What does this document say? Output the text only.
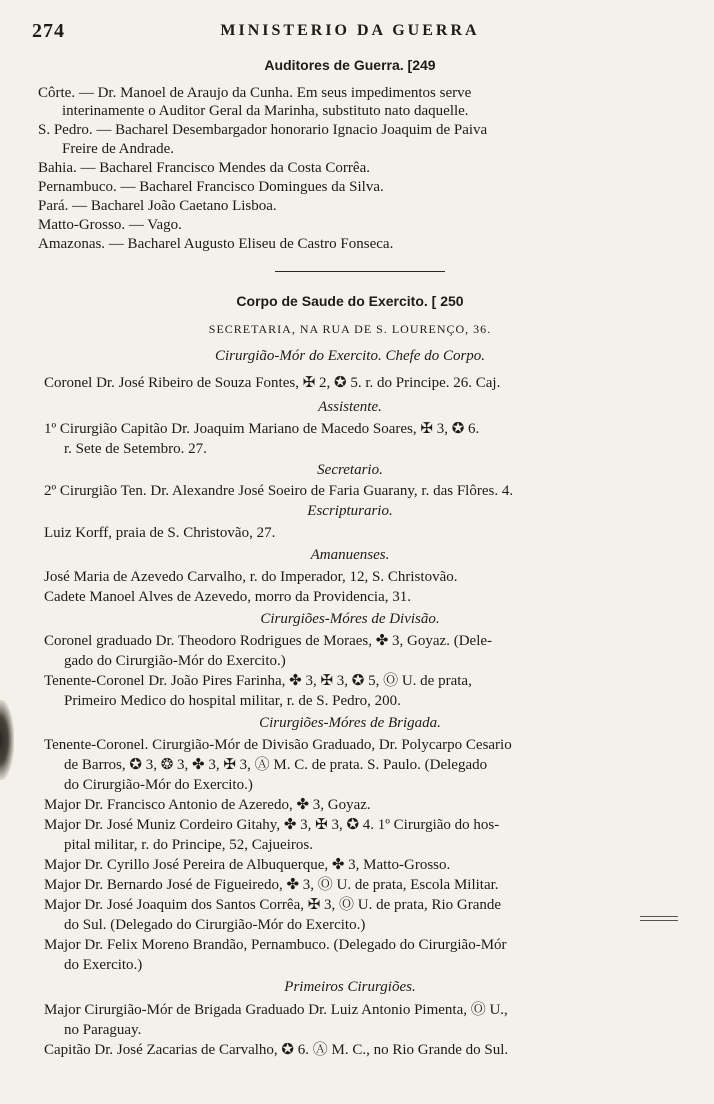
274	MINISTERIO DA GUERRA
Auditores de Guerra. [249
Côrte. — Dr. Manoel de Araujo da Cunha. Em seus impedimentos serve
interinamente o Auditor Geral da Marinha, substituto nato daquelle.
S. Pedro. — Bacharel Desembargador honorario Ignacio Joaquim de Paiva
Freire de Andrade.
Bahia. — Bacharel Francisco Mendes da Costa Corrêa.
Pernambuco. — Bacharel Francisco Domingues da Silva.
Pará. — Bacharel João Caetano Lisboa.
Matto-Grosso. — Vago.
Amazonas. — Bacharel Augusto Eliseu de Castro Fonseca.
Corpo de Saude do Exercito. [ 250
SECRETARIA, NA RUA DE S. LOURENÇO, 36.
Cirurgião-Mór do Exercito. Chefe do Corpo.
Coronel Dr. José Ribeiro de Souza Fontes, ✠ 2, ✪ 5. r. do Principe. 26. Caj.
Assistente.
1º Cirurgião Capitão Dr. Joaquim Mariano de Macedo Soares, ✠ 3, ✪ 6.
r. Sete de Setembro. 27.
Secretario.
2º Cirurgião Ten. Dr. Alexandre José Soeiro de Faria Guarany, r. das Flôres. 4.
Escripturario.
Luiz Korff, praia de S. Christovão, 27.
Amanuenses.
José Maria de Azevedo Carvalho, r. do Imperador, 12, S. Christovão.
Cadete Manoel Alves de Azevedo, morro da Providencia, 31.
Cirurgiões-Móres de Divisão.
Coronel graduado Dr. Theodoro Rodrigues de Moraes, ✤ 3, Goyaz. (Dele-
gado do Cirurgião-Mór do Exercito.)
Tenente-Coronel Dr. João Pires Farinha, ✤ 3, ✠ 3, ✪ 5, Ⓞ U. de prata,
Primeiro Medico do hospital militar, r. de S. Pedro, 200.
Cirurgiões-Móres de Brigada.
Tenente-Coronel. Cirurgião-Mór de Divisão Graduado, Dr. Polycarpo Cesario
de Barros, ✪ 3, ❂ 3, ✤ 3, ✠ 3, Ⓐ M. C. de prata. S. Paulo. (Delegado
do Cirurgião-Mór do Exercito.)
Major Dr. Francisco Antonio de Azeredo, ✤ 3, Goyaz.
Major Dr. José Muniz Cordeiro Gitahy, ✤ 3, ✠ 3, ✪ 4. 1º Cirurgião do hos-
pital militar, r. do Principe, 52, Cajueiros.
Major Dr. Cyrillo José Pereira de Albuquerque, ✤ 3, Matto-Grosso.
Major Dr. Bernardo José de Figueiredo, ✤ 3, Ⓞ U. de prata, Escola Militar.
Major Dr. José Joaquim dos Santos Corrêa, ✠ 3, Ⓞ U. de prata, Rio Grande
do Sul. (Delegado do Cirurgião-Mór do Exercito.)
Major Dr. Felix Moreno Brandão, Pernambuco. (Delegado do Cirurgião-Mór
do Exercito.)
Primeiros Cirurgiões.
Major Cirurgião-Mór de Brigada Graduado Dr. Luiz Antonio Pimenta, Ⓞ U.,
no Paraguay.
Capitão Dr. José Zacarias de Carvalho, ✪ 6. Ⓐ M. C., no Rio Grande do Sul.
